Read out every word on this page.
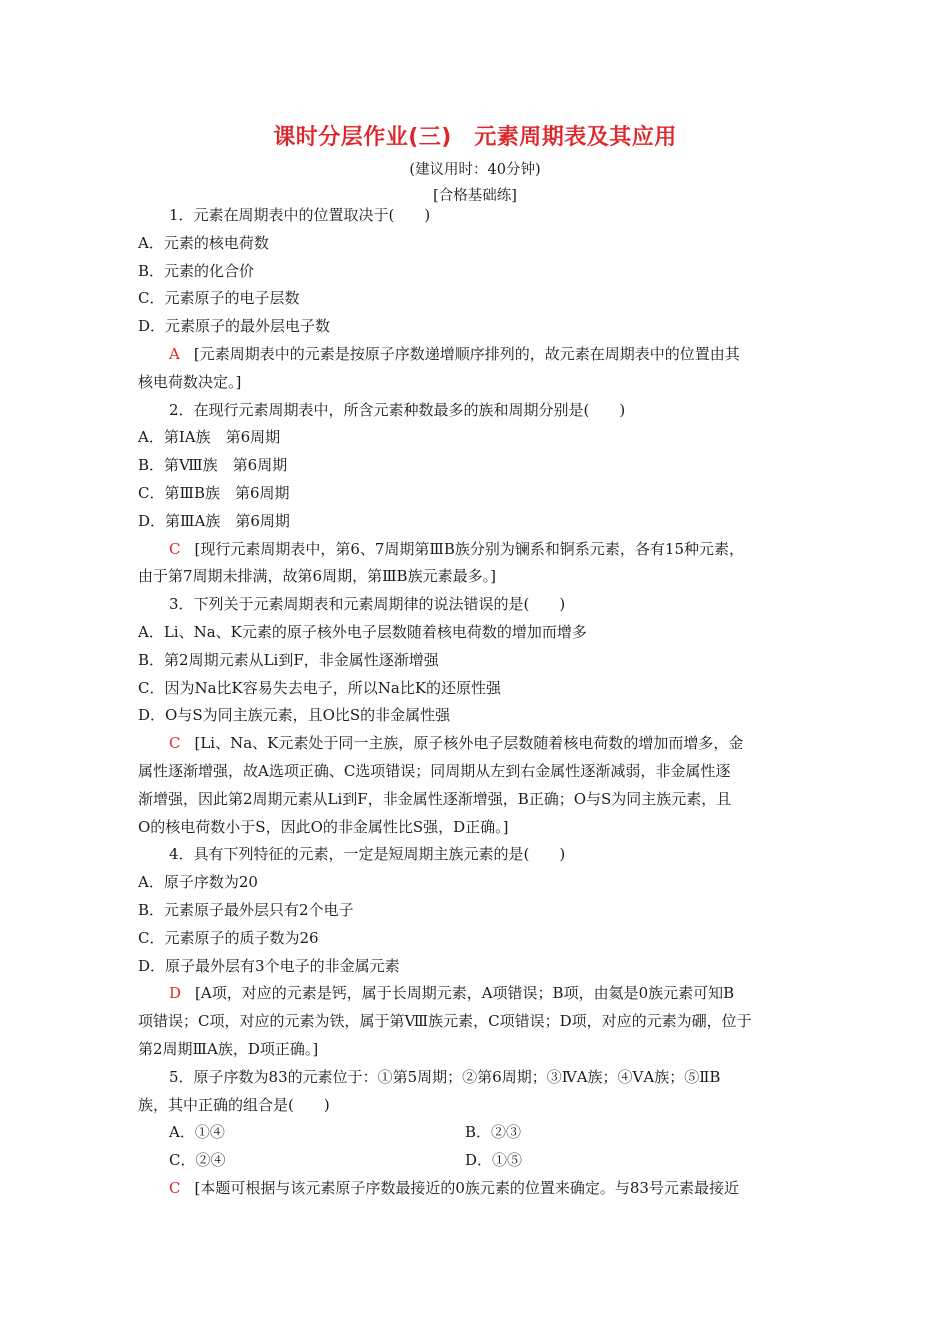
课时分层作业(三)　元素周期表及其应用
(建议用时：40分钟)
[合格基础练]
1．元素在周期表中的位置取决于(　　)
A．元素的核电荷数
B．元素的化合价
C．元素原子的电子层数
D．元素原子的最外层电子数
A [元素周期表中的元素是按原子序数递增顺序排列的，故元素在周期表中的位置由其
核电荷数决定。]
2．在现行元素周期表中，所含元素种数最多的族和周期分别是(　　)
A．第ⅠA族　第6周期
B．第Ⅷ族　第6周期
C．第ⅢB族　第6周期
D．第ⅢA族　第6周期
C [现行元素周期表中，第6、7周期第ⅢB族分别为镧系和锕系元素，各有15种元素，
由于第7周期未排满，故第6周期，第ⅢB族元素最多。]
3．下列关于元素周期表和元素周期律的说法错误的是(　　)
A．Li、Na、K元素的原子核外电子层数随着核电荷数的增加而增多
B．第2周期元素从Li到F，非金属性逐渐增强
C．因为Na比K容易失去电子，所以Na比K的还原性强
D．O与S为同主族元素，且O比S的非金属性强
C [Li、Na、K元素处于同一主族，原子核外电子层数随着核电荷数的增加而增多，金
属性逐渐增强，故A选项正确、C选项错误；同周期从左到右金属性逐渐减弱，非金属性逐
渐增强，因此第2周期元素从Li到F，非金属性逐渐增强，B正确；O与S为同主族元素，且
O的核电荷数小于S，因此O的非金属性比S强，D正确。]
4．具有下列特征的元素，一定是短周期主族元素的是(　　)
A．原子序数为20
B．元素原子最外层只有2个电子
C．元素原子的质子数为26
D．原子最外层有3个电子的非金属元素
D [A项，对应的元素是钙，属于长周期元素，A项错误；B项，由氦是0族元素可知B
项错误；C项，对应的元素为铁，属于第Ⅷ族元素，C项错误；D项，对应的元素为硼，位于
第2周期ⅢA族，D项正确。]
5．原子序数为83的元素位于：①第5周期；②第6周期；③ⅣA族；④ⅤA族；⑤ⅡB
族，其中正确的组合是(　　)
A．①④	B．②③
C．②④	D．①⑤
C [本题可根据与该元素原子序数最接近的0族元素的位置来确定。与83号元素最接近
